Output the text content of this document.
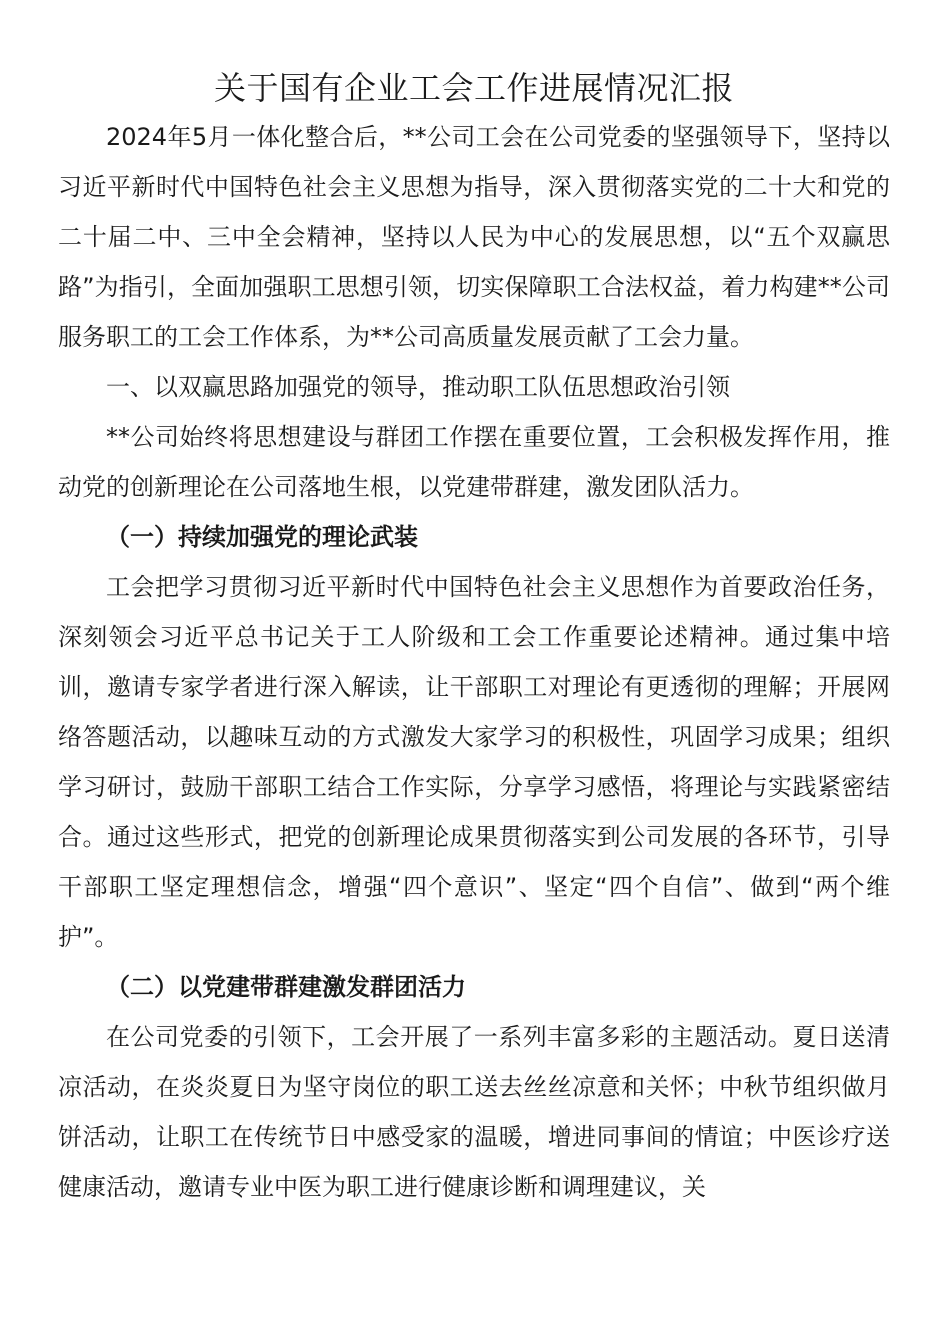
关于国有企业工会工作进展情况汇报

2024年5月一体化整合后，**公司工会在公司党委的坚强领导下，坚持以习近平新时代中国特色社会主义思想为指导，深入贯彻落实党的二十大和党的二十届二中、三中全会精神，坚持以人民为中心的发展思想，以“五个双赢思路”为指引，全面加强职工思想引领，切实保障职工合法权益，着力构建**公司服务职工的工会工作体系，为**公司高质量发展贡献了工会力量。

一、以双赢思路加强党的领导，推动职工队伍思想政治引领

**公司始终将思想建设与群团工作摆在重要位置，工会积极发挥作用，推动党的创新理论在公司落地生根，以党建带群建，激发团队活力。

（一）持续加强党的理论武装

工会把学习贯彻习近平新时代中国特色社会主义思想作为首要政治任务，深刻领会习近平总书记关于工人阶级和工会工作重要论述精神。通过集中培训，邀请专家学者进行深入解读，让干部职工对理论有更透彻的理解；开展网络答题活动，以趣味互动的方式激发大家学习的积极性，巩固学习成果；组织学习研讨，鼓励干部职工结合工作实际，分享学习感悟，将理论与实践紧密结合。通过这些形式，把党的创新理论成果贯彻落实到公司发展的各环节，引导干部职工坚定理想信念，增强“四个意识”、坚定“四个自信”、做到“两个维护”。

（二）以党建带群建激发群团活力

在公司党委的引领下，工会开展了一系列丰富多彩的主题活动。夏日送清凉活动，在炎炎夏日为坚守岗位的职工送去丝丝凉意和关怀；中秋节组织做月饼活动，让职工在传统节日中感受家的温暖，增进同事间的情谊；中医诊疗送健康活动，邀请专业中医为职工进行健康诊断和调理建议，关
